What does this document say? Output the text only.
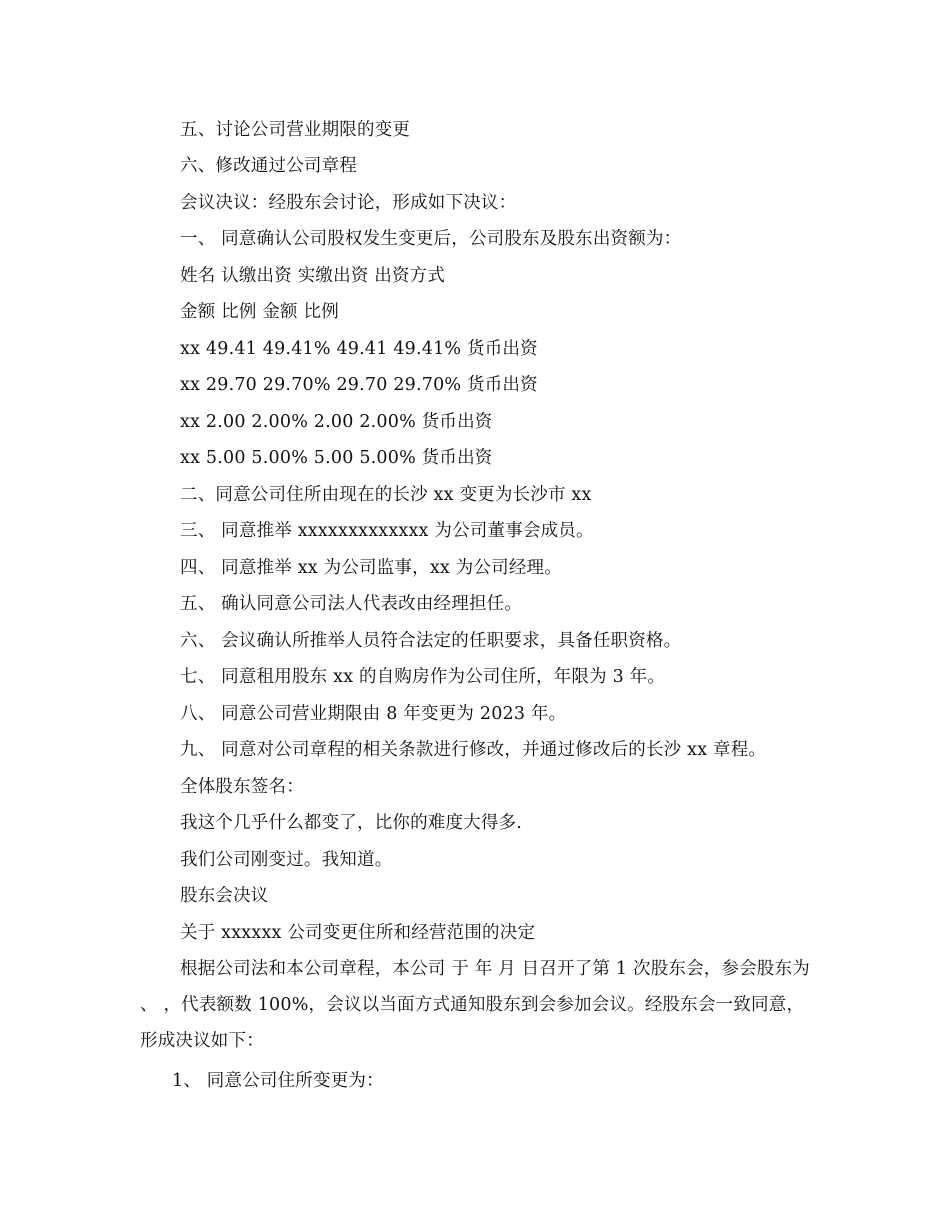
五、讨论公司营业期限的变更
六、修改通过公司章程
会议决议：经股东会讨论，形成如下决议：
一、 同意确认公司股权发生变更后，公司股东及股东出资额为：
姓名 认缴出资 实缴出资 出资方式
金额 比例 金额 比例
xx 49.41 49.41% 49.41 49.41% 货币出资
xx 29.70 29.70% 29.70 29.70% 货币出资
xx 2.00 2.00% 2.00 2.00% 货币出资
xx 5.00 5.00% 5.00 5.00% 货币出资
二、同意公司住所由现在的长沙 xx 变更为长沙市 xx
三、 同意推举 xxxxxxxxxxxxx 为公司董事会成员。
四、 同意推举 xx 为公司监事，xx 为公司经理。
五、 确认同意公司法人代表改由经理担任。
六、 会议确认所推举人员符合法定的任职要求，具备任职资格。
七、 同意租用股东 xx 的自购房作为公司住所，年限为 3 年。
八、 同意公司营业期限由 8 年变更为 2023 年。
九、 同意对公司章程的相关条款进行修改，并通过修改后的长沙 xx 章程。
全体股东签名：
我这个几乎什么都变了，比你的难度大得多.
我们公司刚变过。我知道。
股东会决议
关于 xxxxxx 公司变更住所和经营范围的决定
根据公司法和本公司章程，本公司 于 年 月 日召开了第 1 次股东会，参会股东为 、 ，代表额数 100%，会议以当面方式通知股东到会参加会议。经股东会一致同意，形成决议如下：
1、 同意公司住所变更为：
